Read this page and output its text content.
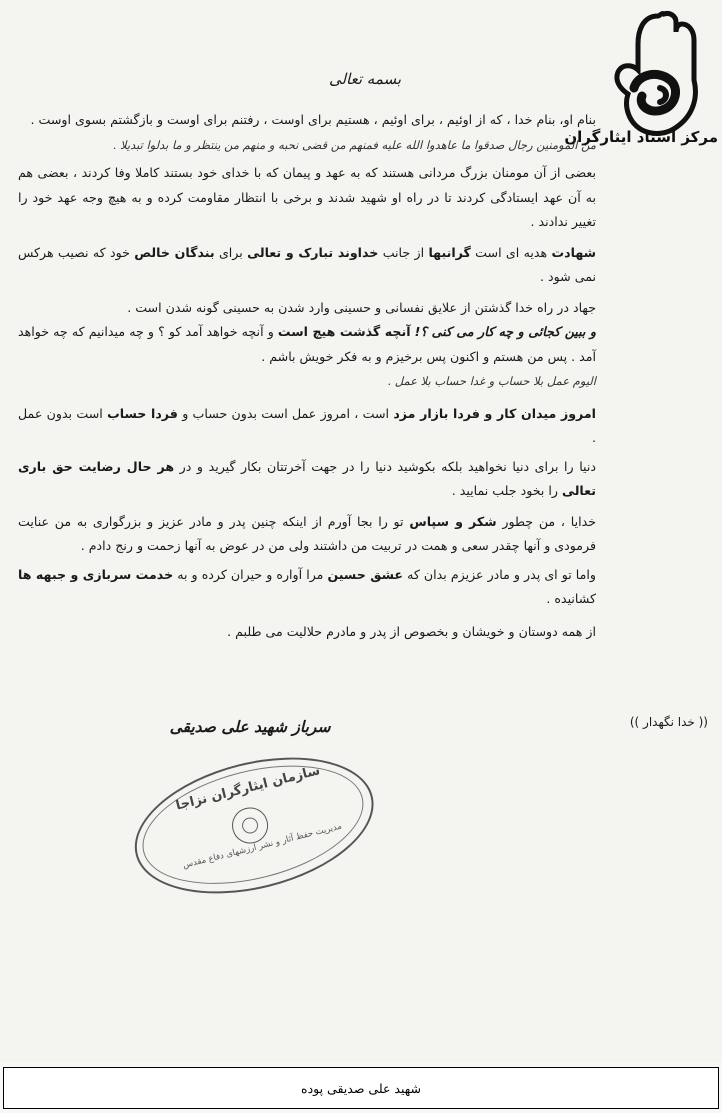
مرکز اسناد ایثارگران
بسمه تعالی

بنام او، بنام خدا ، که از اوئیم ، برای اوئیم ، هستیم برای اوست ، رفتنم برای اوست و بازگشتم بسوی اوست .

من المومنین رجال صدقوا ما عاهدوا الله علیه فمنهم من قضی نحبه و منهم من ینتظر و ما بدلوا تبدیلا .

بعضی از آن مومنان بزرگ مردانی هستند که به عهد و پیمان که با خدای خود بستند کاملا وفا کردند ، بعضی هم به آن عهد ایستادگی کردند تا در راه او شهید شدند و برخی با انتظار مقاومت کرده و به هیچ وجه عهد خود را تغییر ندادند .

شهادت هدیه ای است گرانبها از جانب خداوند تبارک و تعالی برای بندگان خالص خود که نصیب هرکس نمی شود .

جهاد در راه خدا گذشتن از علایق نفسانی و حسینی وارد شدن به حسینی گونه شدن است .

و ببین کجائی و چه کار می کنی ؟! آنچه گذشت هیچ است و آنچه خواهد آمد کو ؟ و چه میدانیم که چه خواهد آمد . پس من هستم و اکنون پس برخیزم و به فکر خویش باشم .

الیوم عمل بلا حساب و غدا حساب بلا عمل .

امروز میدان کار و فردا بازار مزد است ، امروز عمل است بدون حساب و فردا حساب است بدون عمل .

دنیا را برای دنیا نخواهید بلکه بکوشید دنیا را در جهت آخرتتان بکار گیرید و در هر حال رضایت حق باری تعالی را بخود جلب نمایید .

خدایا ، من چطور شکر و سپاس تو را بجا آورم از اینکه چنین پدر و مادر عزیز و بزرگواری به من عنایت فرمودی و آنها چقدر سعی و همت در تربیت من داشتند ولی من در عوض به آنها زحمت و رنج دادم .

واما تو ای پدر و مادر عزیزم بدان که عشق حسین مرا آواره و حیران کرده و به خدمت سربازی و جبهه ها کشانیده .

از همه دوستان و خویشان و بخصوص از پدر و مادرم حلالیت می طلبم .

(( خدا نگهدار ))
سرباز شهید علی صدیقی
سازمان ایثارگران نزاجا
مدیریت حفظ آثار و نشر ارزشهای دفاع مقدس
شهید علی صدیقی پوده
